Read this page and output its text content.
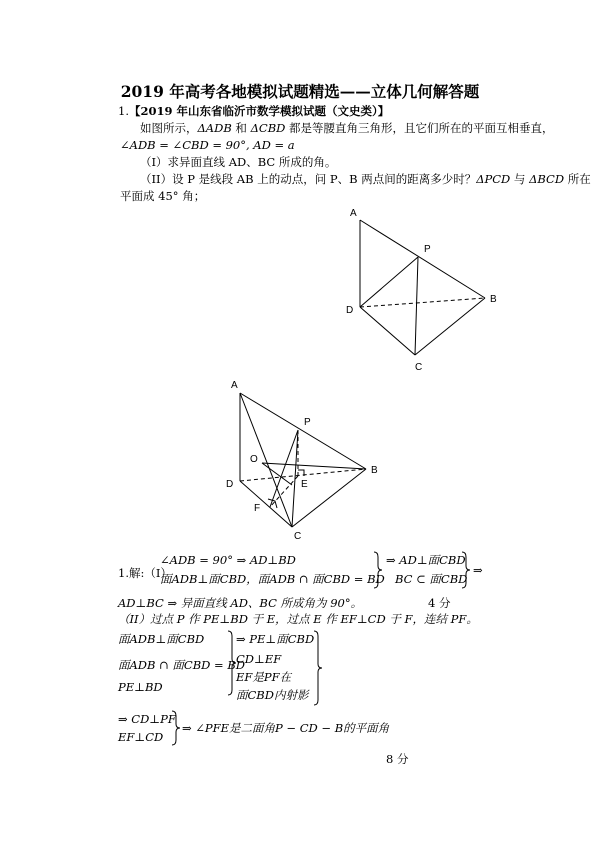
2019 年高考各地模拟试题精选——立体几何解答题
1.【2019 年山东省临沂市数学模拟试题（文史类）】
如图所示，ΔADB 和 ΔCBD 都是等腰直角三角形，且它们所在的平面互相垂直，
∠ADB = ∠CBD = 90°, AD = a
（I）求异面直线 AD、BC 所成的角。
（II）设 P 是线段 AB 上的动点，问 P、B 两点间的距离多少时？ΔPCD 与 ΔBCD 所在
平面成 45° 角；
A
P
B
D
C
A
P
O
B
D	E
F
C
1.解:（I）
∠ADB = 90° ⇒ AD⊥BD
面ADB⊥面CBD，面ADB ∩ 面CBD = BD
⇒ AD⊥面CBD
BC ⊂ 面CBD
⇒
AD⊥BC ⇒ 异面直线 AD、BC 所成角为 90°。	4 分
（II）过点 P 作 PE⊥BD 于 E，过点 E 作 EF⊥CD 于 F，连结 PF。
面ADB⊥面CBD
面ADB ∩ 面CBD = BD
PE⊥BD
⇒ PE⊥面CBD
CD⊥EF
EF是PF在
面CBD内射影
⇒ CD⊥PF
EF⊥CD
⇒ ∠PFE是二面角P − CD − B的平面角
8 分
